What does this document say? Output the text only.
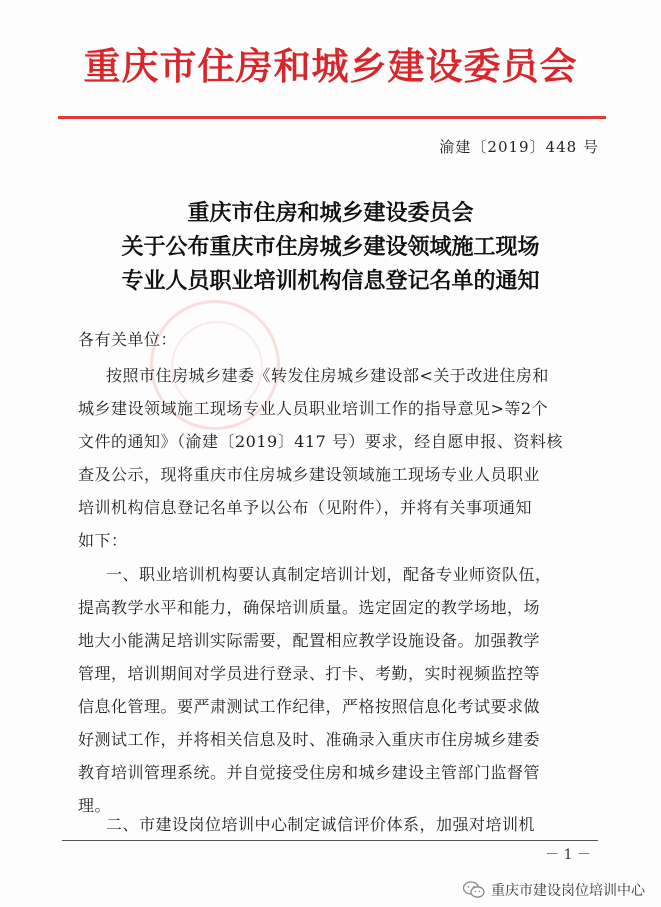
重庆市住房和城乡建设委员会
渝建〔2019〕448 号
重庆市住房和城乡建设委员会
关于公布重庆市住房城乡建设领域施工现场
专业人员职业培训机构信息登记名单的通知
各有关单位：
按照市住房城乡建委《转发住房城乡建设部<关于改进住房和
城乡建设领域施工现场专业人员职业培训工作的指导意见>等2个
文件的通知》（渝建〔2019〕417 号）要求，经自愿申报、资料核
查及公示，现将重庆市住房城乡建设领域施工现场专业人员职业
培训机构信息登记名单予以公布（见附件），并将有关事项通知
如下：
一、职业培训机构要认真制定培训计划，配备专业师资队伍，
提高教学水平和能力，确保培训质量。选定固定的教学场地，场
地大小能满足培训实际需要，配置相应教学设施设备。加强教学
管理，培训期间对学员进行登录、打卡、考勤，实时视频监控等
信息化管理。要严肃测试工作纪律，严格按照信息化考试要求做
好测试工作，并将相关信息及时、准确录入重庆市住房城乡建委
教育培训管理系统。并自觉接受住房和城乡建设主管部门监督管
理。
二、市建设岗位培训中心制定诚信评价体系，加强对培训机
－ 1 －
重庆市建设岗位培训中心
